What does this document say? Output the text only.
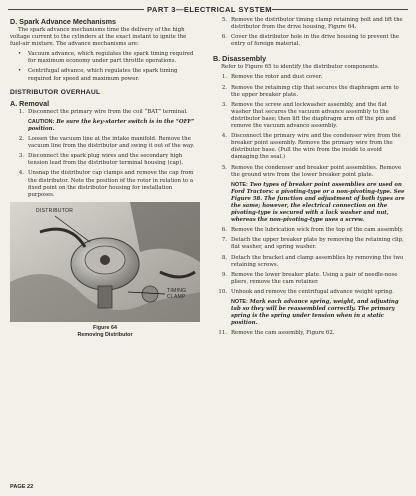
PART 3—ELECTRICAL SYSTEM
D. Spark Advance Mechanisms

The spark advance mechanisms time the delivery of the high voltage current to the cylinders at the exact instant to ignite the fuel-air mixture. The advance mechanisms are:

• Vacuum advance, which regulates the spark timing required for maximum economy under part throttle operations.
• Centrifugal advance, which regulates the spark timing required for speed and maximum power.
DISTRIBUTOR OVERHAUL
A. Removal
1. Disconnect the primary wire from the coil “BAT” terminal.
CAUTION: Be sure the key-starter switch is in the “OFF” position.
2. Loosen the vacuum line at the intake manifold. Remove the vacuum line from the distributor and swing it out of the way.
3. Disconnect the spark plug wires and the secondary high tension lead from the distributor terminal housing (cap).
4. Unsnap the distributor cap clamps and remove the cap from the distributor. Note the position of the rotor in relation to a fixed point on the distributor housing for installation purposes.
DISTRIBUTOR
TIMING
CLAMP
Figure 64
Removing Distributor
PAGE 22
5. Remove the distributor timing clamp retaining bolt and lift the distributor from the drive housing, Figure 64.
6. Cover the distributor hole in the drive housing to prevent the entry of foreign material.
B. Disassembly

Refer to Figure 65 to identify the distributor components.

1. Remove the rotor and dust cover.
2. Remove the retaining clip that secures the diaphragm arm to the upper breaker plate.
3. Remove the screw and lockwasher assembly, and the flat washer that secures the vacuum advance assembly to the distributor base; then lift the diaphragm arm off the pin and remove the vacuum advance assembly.
4. Disconnect the primary wire and the condenser wire from the breaker point assembly. Remove the primary wire from the distributor base. (Pull the wire from the inside to avoid damaging the seal.)
5. Remove the condenser and breaker point assemblies. Remove the ground wire from the lower breaker point plate.
NOTE: Two types of breaker point assemblies are used on Ford Tractors: a pivoting-type or a non-pivoting-type. See Figure 58. The function and adjustment of both types are the same; however, the electrical connection on the pivoting-type is secured with a lock washer and nut, whereas the non-pivoting-type uses a screw.
6. Remove the lubrication wick from the top of the cam assembly.
7. Detach the upper breaker plate by removing the retaining clip, flat washer, and spring washer.
8. Detach the bracket and clamp assemblies by removing the two retaining screws.
9. Remove the lower breaker plate. Using a pair of needle-nose pliers, remove the cam retainer.
10. Unhook and remove the centrifugal advance weight spring.
NOTE: Mark each advance spring, weight, and adjusting tab so they will be reassembled correctly. The primary spring is the spring under tension when in a static position.
11. Remove the cam assembly, Figure 62.
